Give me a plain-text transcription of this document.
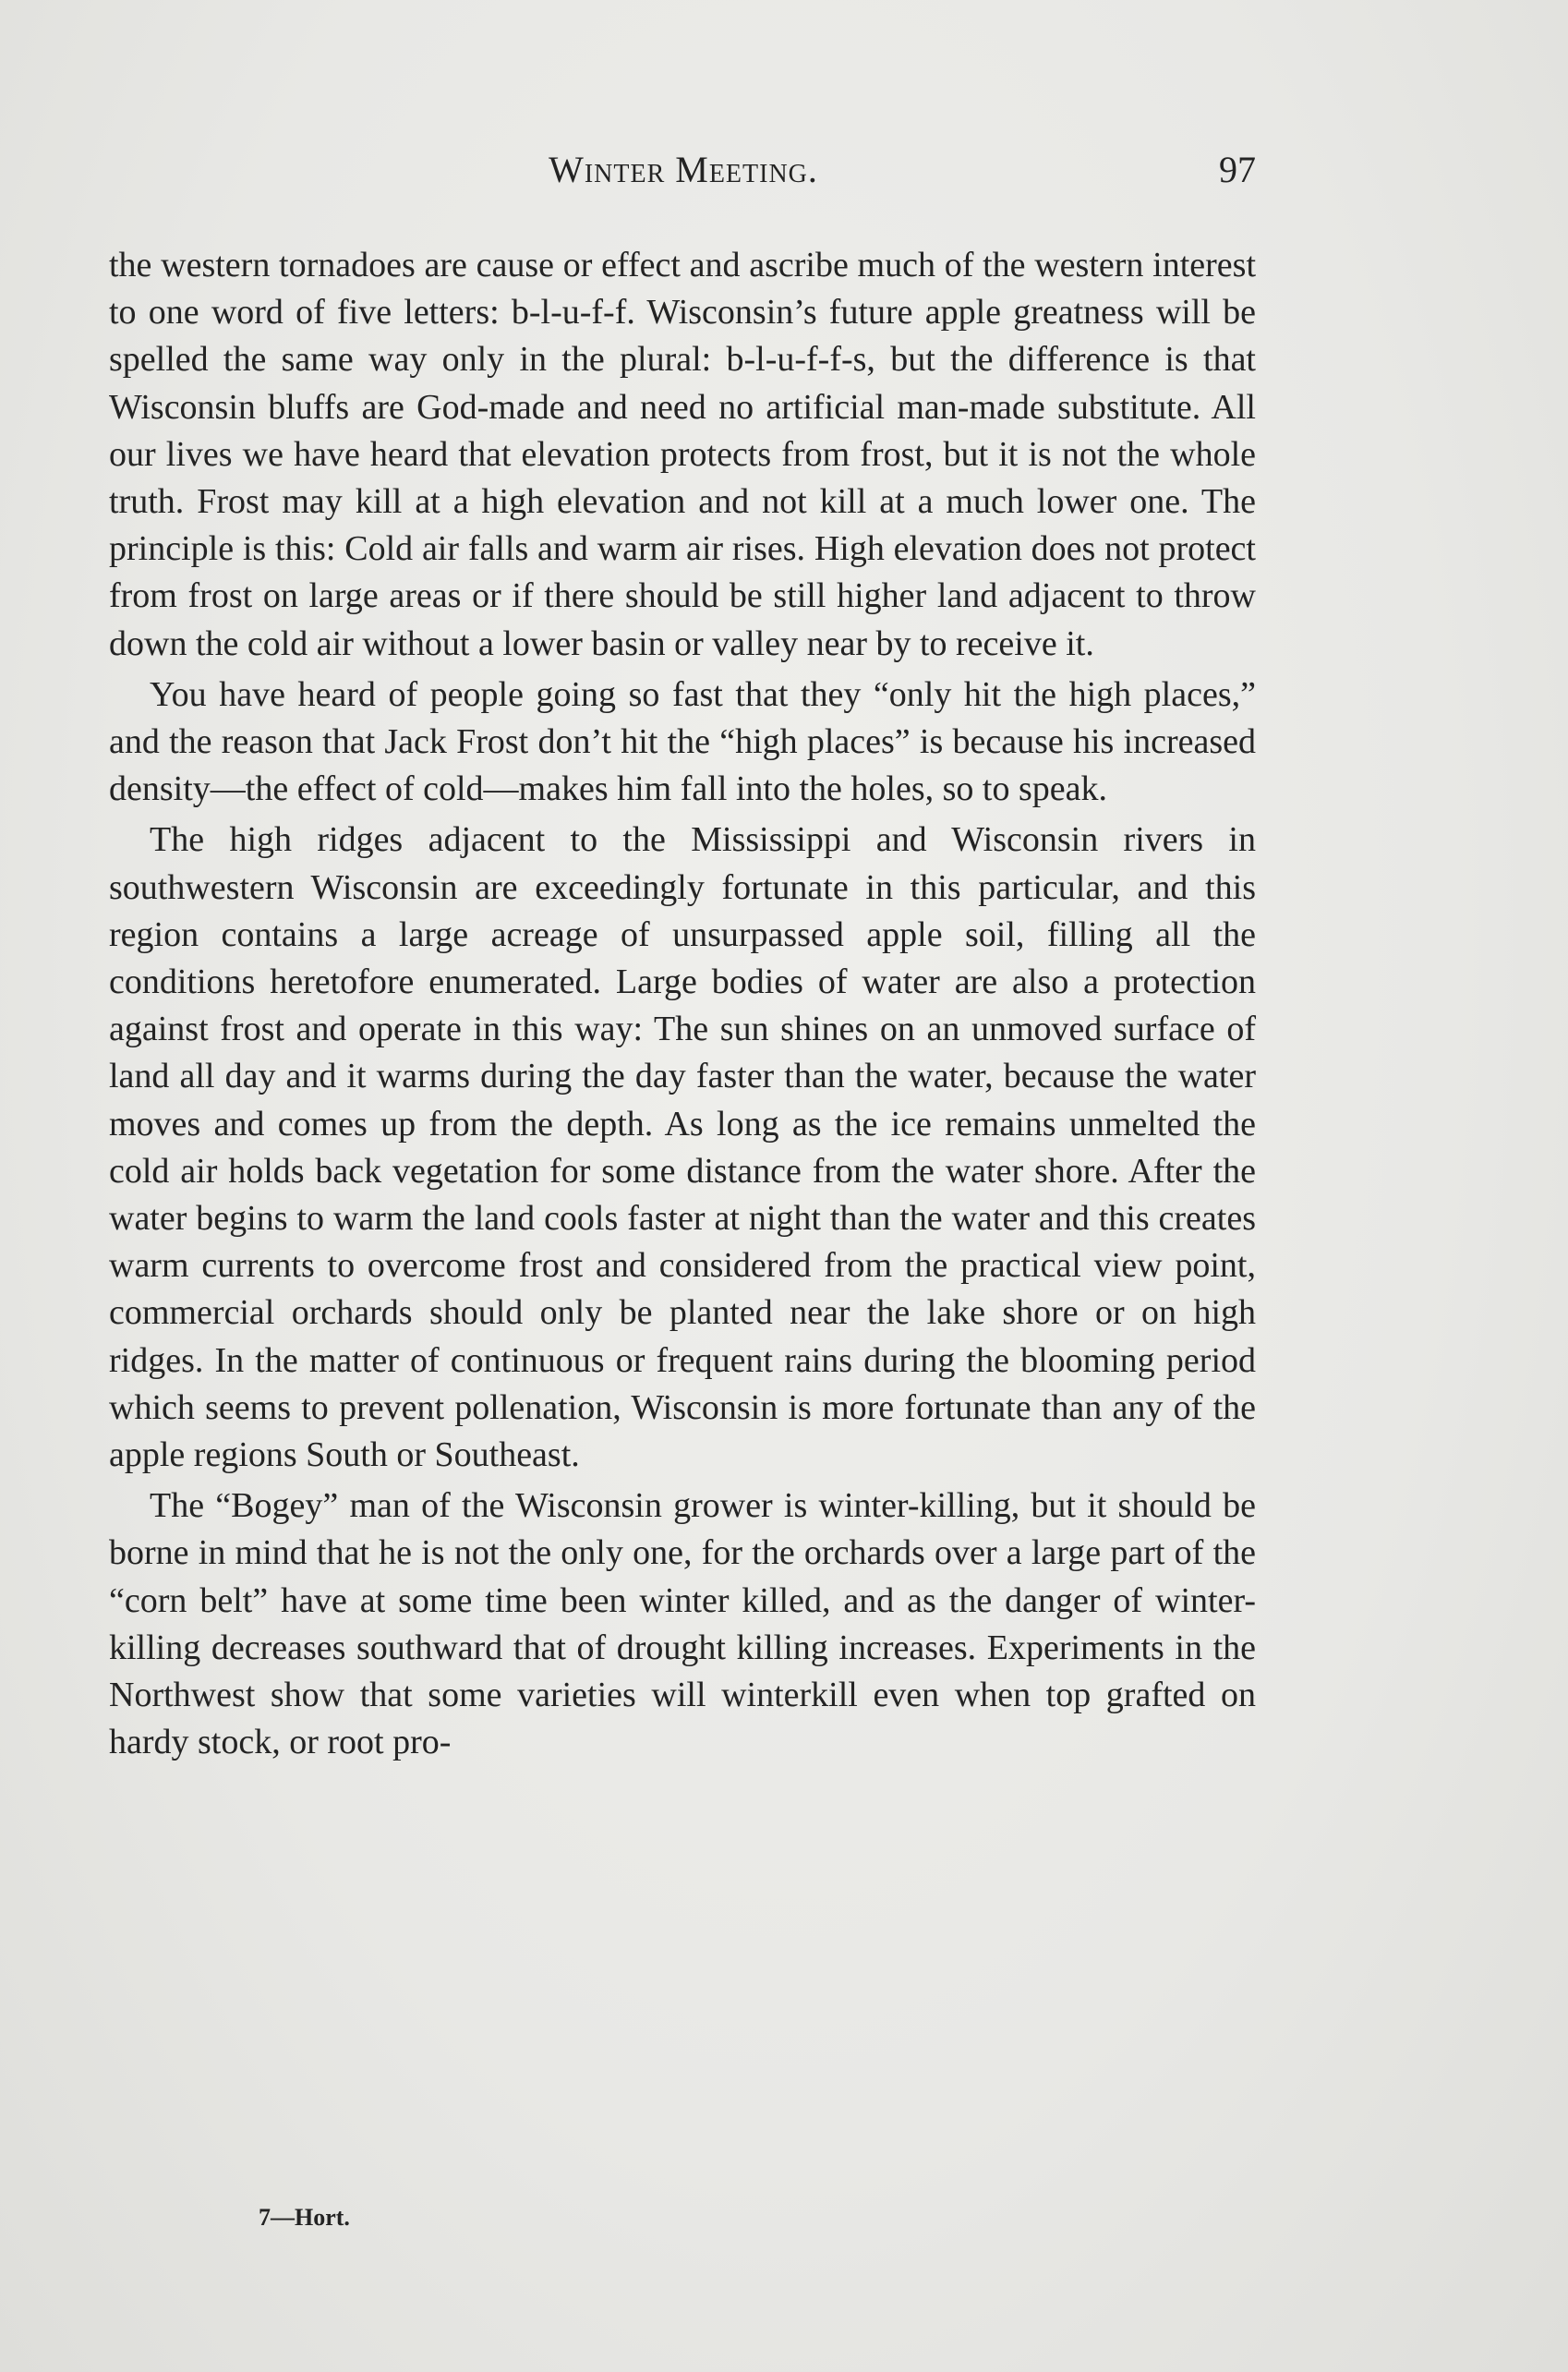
Winter Meeting.	97

the western tornadoes are cause or effect and ascribe much of the western interest to one word of five letters: b-l-u-f-f. Wisconsin’s future apple greatness will be spelled the same way only in the plural: b-l-u-f-f-s, but the difference is that Wisconsin bluffs are God-made and need no artificial man-made substitute. All our lives we have heard that elevation protects from frost, but it is not the whole truth. Frost may kill at a high elevation and not kill at a much lower one. The principle is this: Cold air falls and warm air rises. High elevation does not protect from frost on large areas or if there should be still higher land adjacent to throw down the cold air without a lower basin or valley near by to receive it.

You have heard of people going so fast that they “only hit the high places,” and the reason that Jack Frost don’t hit the “high places” is because his increased density—the effect of cold—makes him fall into the holes, so to speak.

The high ridges adjacent to the Mississippi and Wisconsin rivers in southwestern Wisconsin are exceedingly fortunate in this particular, and this region contains a large acreage of unsurpassed apple soil, filling all the conditions heretofore enumerated. Large bodies of water are also a protection against frost and operate in this way: The sun shines on an unmoved surface of land all day and it warms during the day faster than the water, because the water moves and comes up from the depth. As long as the ice remains unmelted the cold air holds back vegetation for some distance from the water shore. After the water begins to warm the land cools faster at night than the water and this creates warm currents to overcome frost and considered from the practical view point, commercial orchards should only be planted near the lake shore or on high ridges. In the matter of continuous or frequent rains during the blooming period which seems to prevent pollenation, Wisconsin is more fortunate than any of the apple regions South or Southeast.

The “Bogey” man of the Wisconsin grower is winter-killing, but it should be borne in mind that he is not the only one, for the orchards over a large part of the “corn belt” have at some time been winter killed, and as the danger of winter-killing decreases southward that of drought killing increases. Experiments in the Northwest show that some varieties will winterkill even when top grafted on hardy stock, or root pro-

7—Hort.
